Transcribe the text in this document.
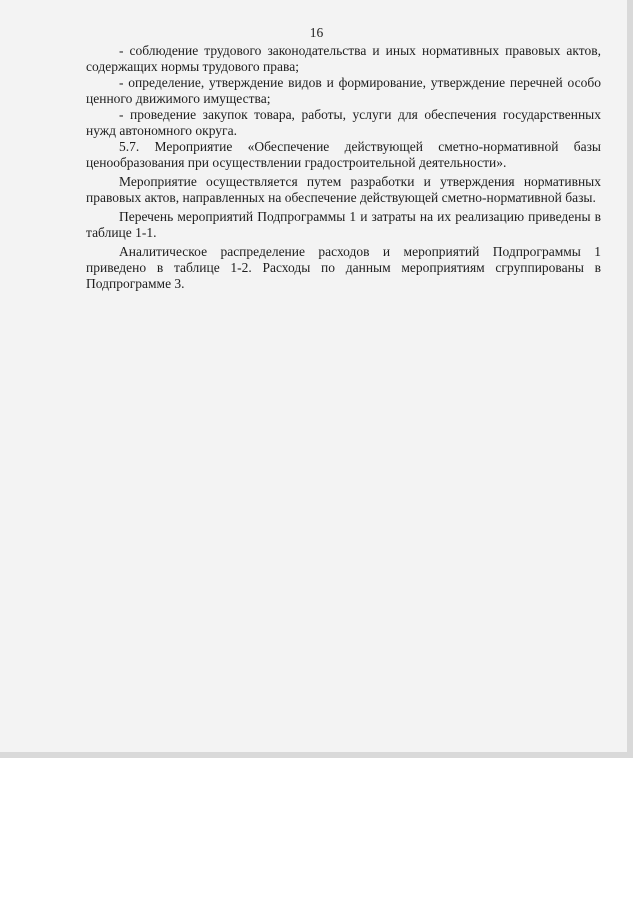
16

- соблюдение трудового законодательства и иных нормативных правовых актов, содержащих нормы трудового права;

- определение, утверждение видов и формирование, утверждение перечней особо ценного движимого имущества;

- проведение закупок товара, работы, услуги для обеспечения государственных нужд автономного округа.

5.7. Мероприятие «Обеспечение действующей сметно-нормативной базы ценообразования при осуществлении градостроительной деятельности».

Мероприятие осуществляется путем разработки и утверждения нормативных правовых актов, направленных на обеспечение действующей сметно-нормативной базы.

Перечень мероприятий Подпрограммы 1 и затраты на их реализацию приведены в таблице 1-1.

Аналитическое распределение расходов и мероприятий Подпрограммы 1 приведено в таблице 1-2. Расходы по данным мероприятиям сгруппированы в Подпрограмме 3.
